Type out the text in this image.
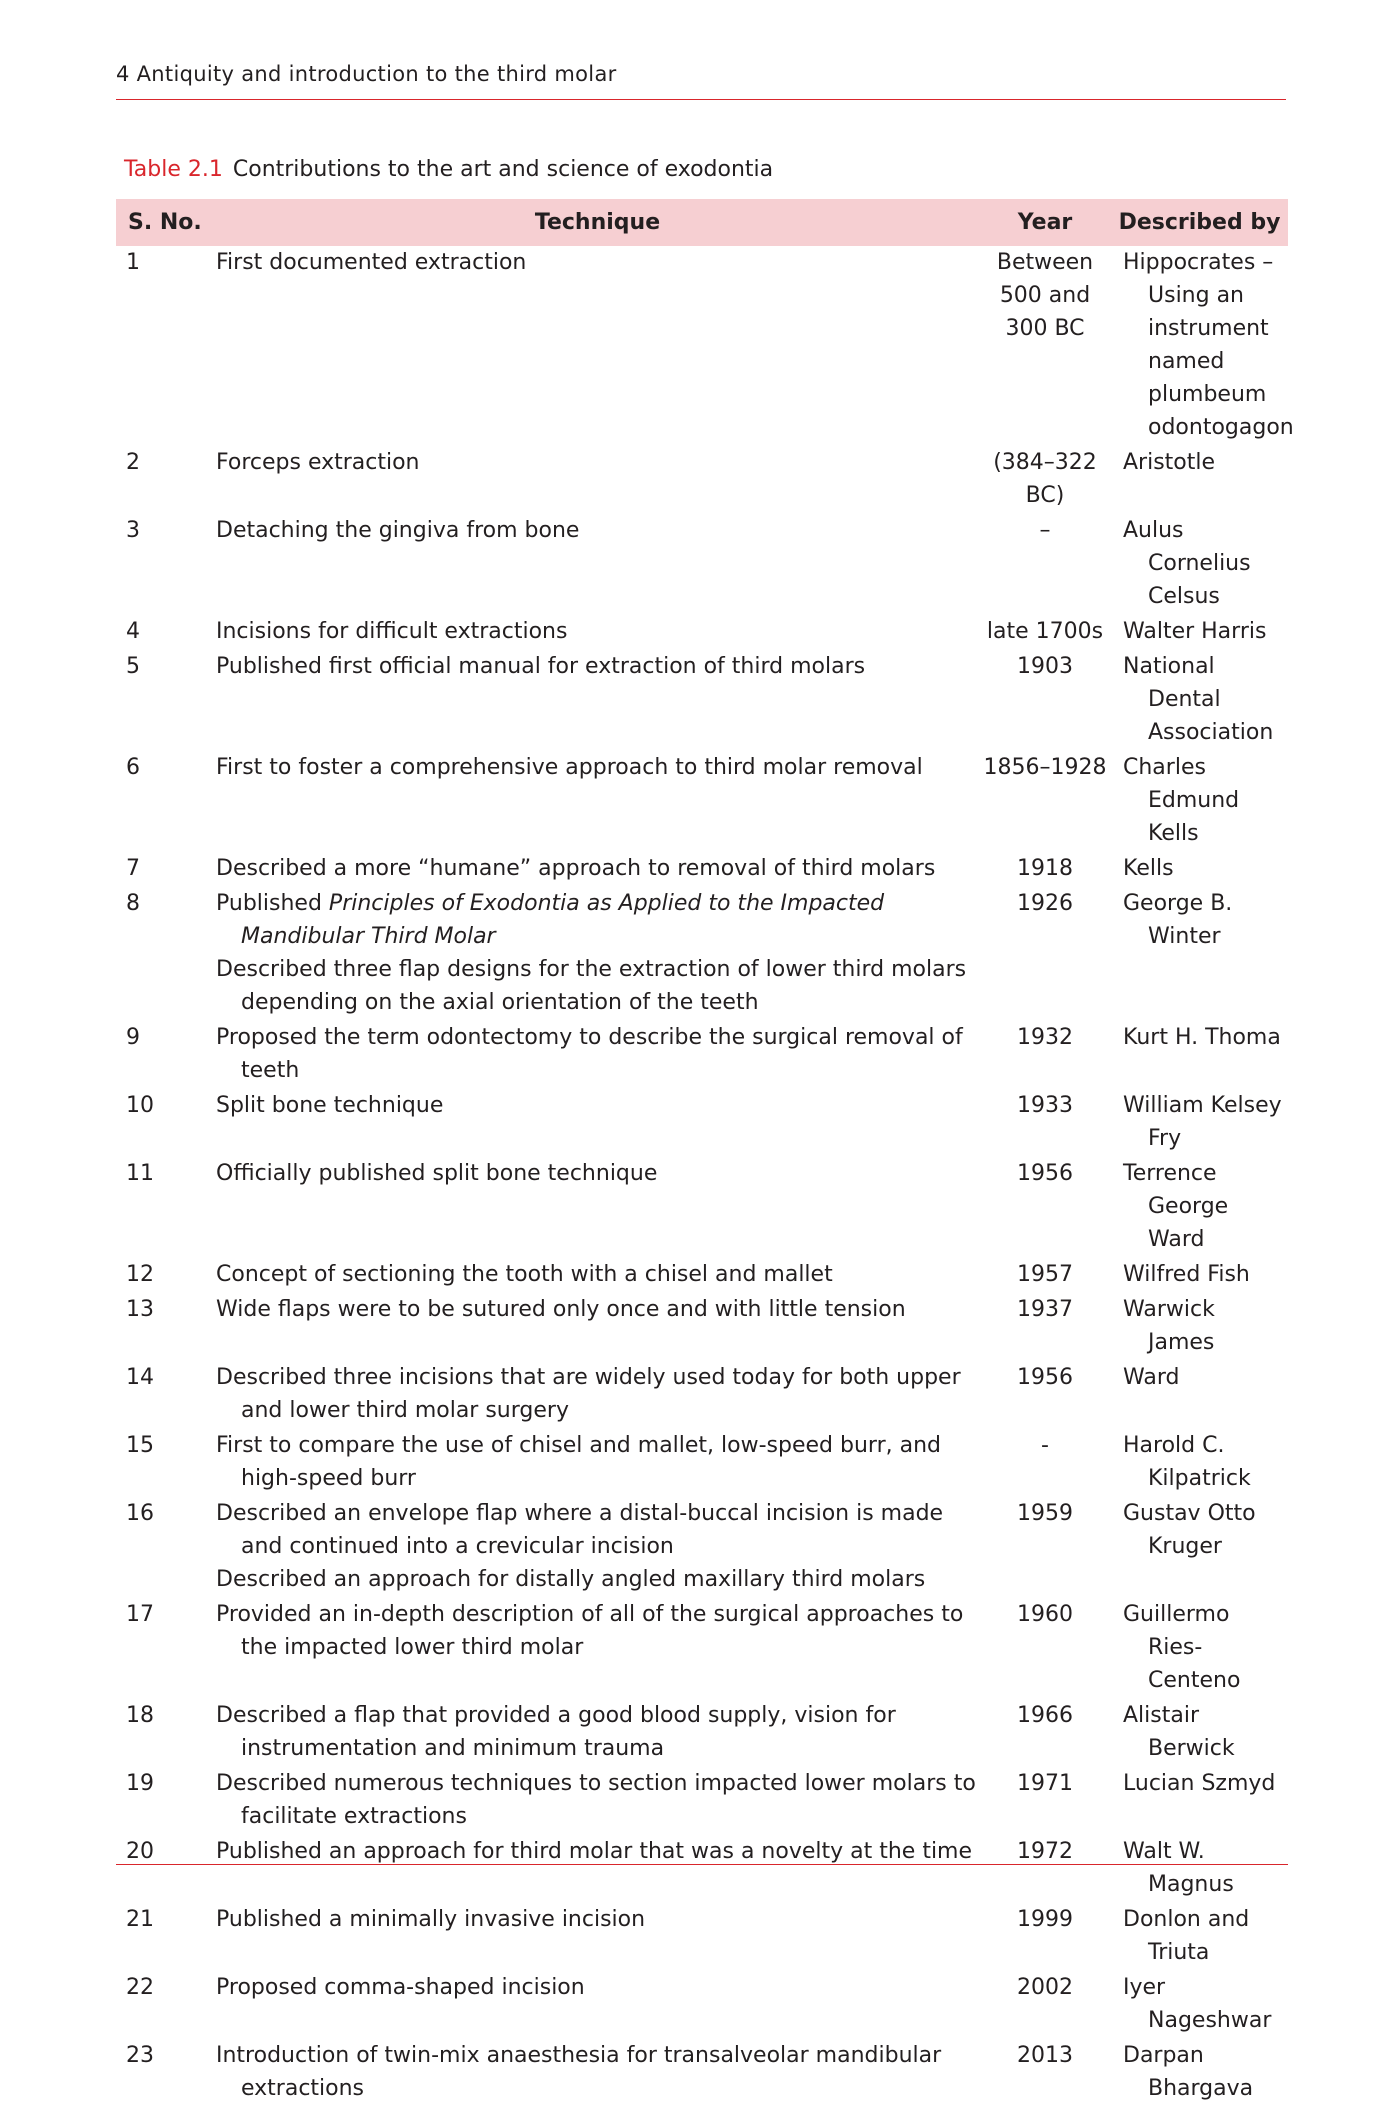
4 Antiquity and introduction to the third molar
Table 2.1 Contributions to the art and science of exodontia
S. No.	Technique	Year	Described by
1	First documented extraction	Between 500 and 300 BC	Hippocrates – Using an instrument named plumbeum odontogagon

2	Forceps extraction	(384–322 BC)	Aristotle

3	Detaching the gingiva from bone	–	Aulus Cornelius Celsus

4	Incisions for difficult extractions	late 1700s	Walter Harris

5	Published first official manual for extraction of third molars	1903	National Dental Association

6	First to foster a comprehensive approach to third molar removal	1856–1928	Charles Edmund Kells

7	Described a more “humane” approach to removal of third molars	1918	Kells

8	Published Principles of Exodontia as Applied to the Impacted Mandibular Third Molar
Described three flap designs for the extraction of lower third molars depending on the axial orientation of the teeth	1926	George B. Winter

9	Proposed the term odontectomy to describe the surgical removal of teeth	1932	Kurt H. Thoma

10	Split bone technique	1933	William Kelsey Fry

11	Officially published split bone technique	1956	Terrence George Ward

12	Concept of sectioning the tooth with a chisel and mallet	1957	Wilfred Fish

13	Wide flaps were to be sutured only once and with little tension	1937	Warwick James

14	Described three incisions that are widely used today for both upper and lower third molar surgery	1956	Ward

15	First to compare the use of chisel and mallet, low-speed burr, and high-speed burr	-	Harold C. Kilpatrick

16	Described an envelope flap where a distal-buccal incision is made and continued into a crevicular incision
Described an approach for distally angled maxillary third molars	1959	Gustav Otto Kruger

17	Provided an in-depth description of all of the surgical approaches to the impacted lower third molar	1960	Guillermo Ries-Centeno

18	Described a flap that provided a good blood supply, vision for instrumentation and minimum trauma	1966	Alistair Berwick

19	Described numerous techniques to section impacted lower molars to facilitate extractions	1971	Lucian Szmyd

20	Published an approach for third molar that was a novelty at the time	1972	Walt W. Magnus

21	Published a minimally invasive incision	1999	Donlon and Triuta

22	Proposed comma-shaped incision	2002	Iyer Nageshwar

23	Introduction of twin-mix anaesthesia for transalveolar mandibular extractions	2013	Darpan Bhargava
